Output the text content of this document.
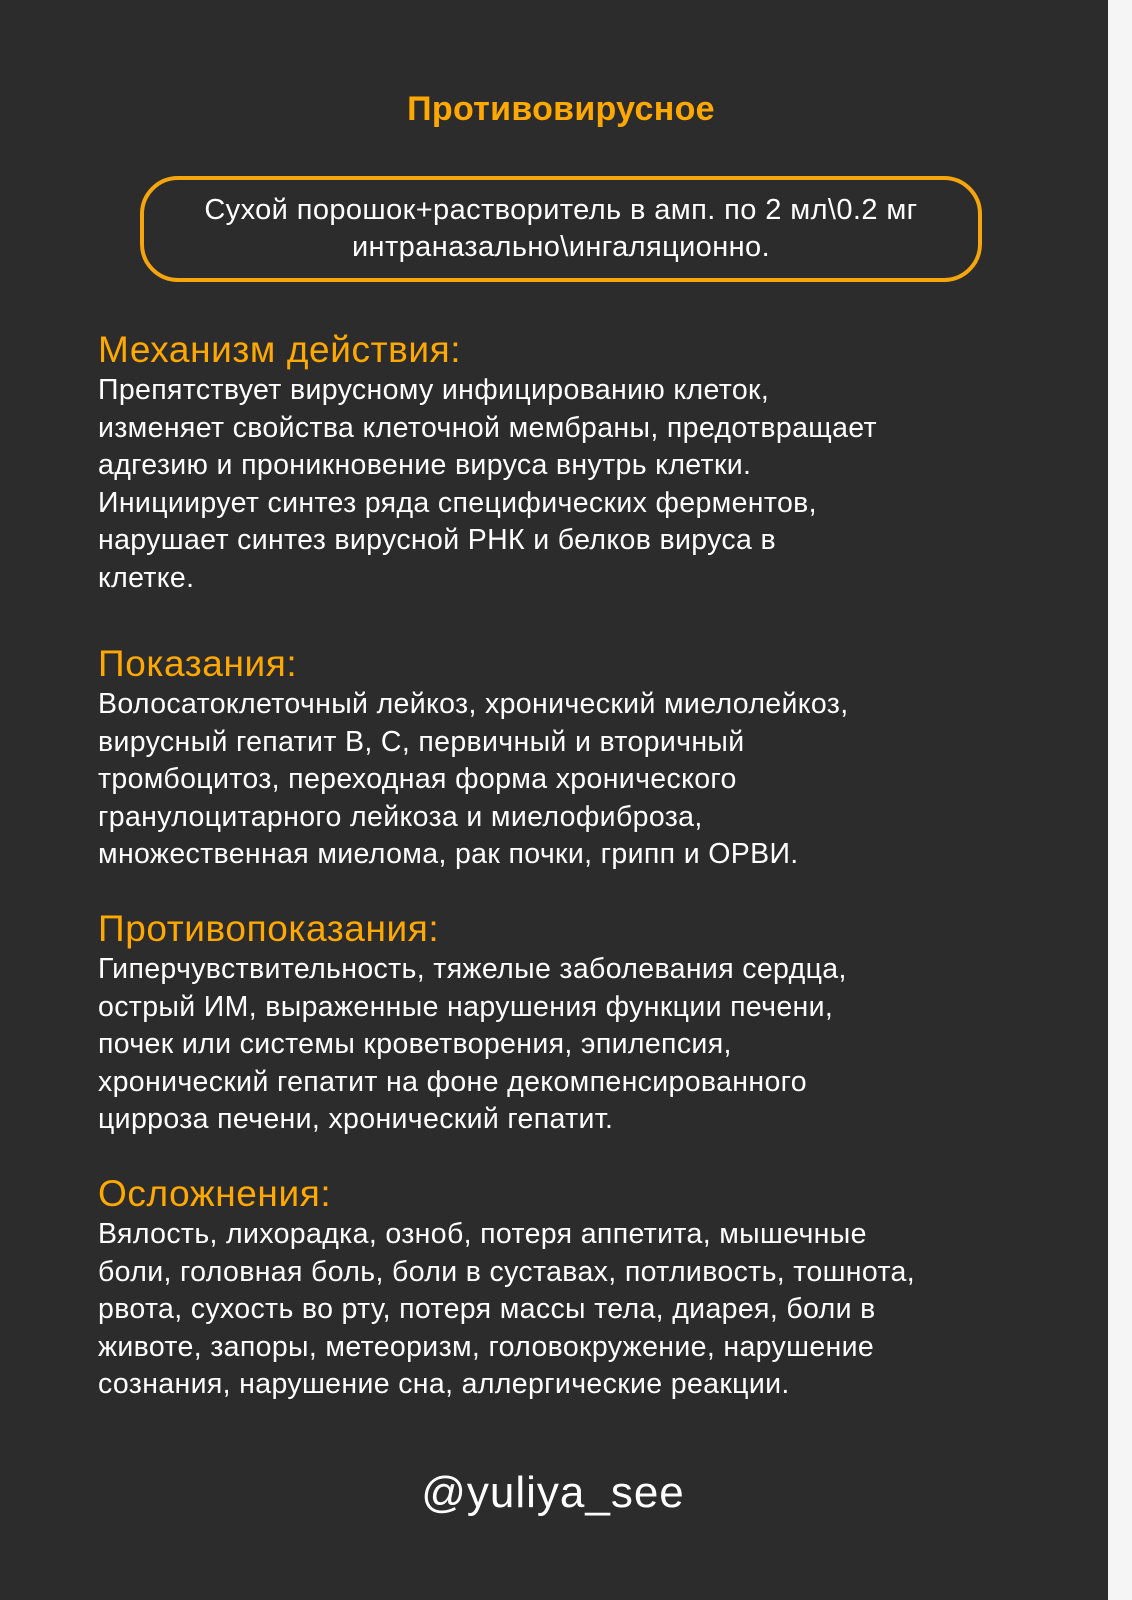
Противовирусное
Сухой порошок+растворитель в амп. по 2 мл\0.2 мг
интраназально\ингаляционно.

Механизм действия:

Препятствует вирусному инфицированию клеток,
изменяет свойства клеточной мембраны, предотвращает
адгезию и проникновение вируса внутрь клетки.
Инициирует синтез ряда специфических ферментов,
нарушает синтез вирусной РНК и белков вируса в
клетке.

Показания:

Волосатоклеточный лейкоз, хронический миелолейкоз,
вирусный гепатит В, С, первичный и вторичный
тромбоцитоз, переходная форма хронического
гранулоцитарного лейкоза и миелофиброза,
множественная миелома, рак почки, грипп и ОРВИ.

Противопоказания:

Гиперчувствительность, тяжелые заболевания сердца,
острый ИМ, выраженные нарушения функции печени,
почек или системы кроветворения, эпилепсия,
хронический гепатит на фоне декомпенсированного
цирроза печени, хронический гепатит.

Осложнения:

Вялость, лихорадка, озноб, потеря аппетита, мышечные
боли, головная боль, боли в суставах, потливость, тошнота,
рвота, сухость во рту, потеря массы тела, диарея, боли в
животе, запоры, метеоризм, головокружение, нарушение
сознания, нарушение сна, аллергические реакции.

@yuliya_see
